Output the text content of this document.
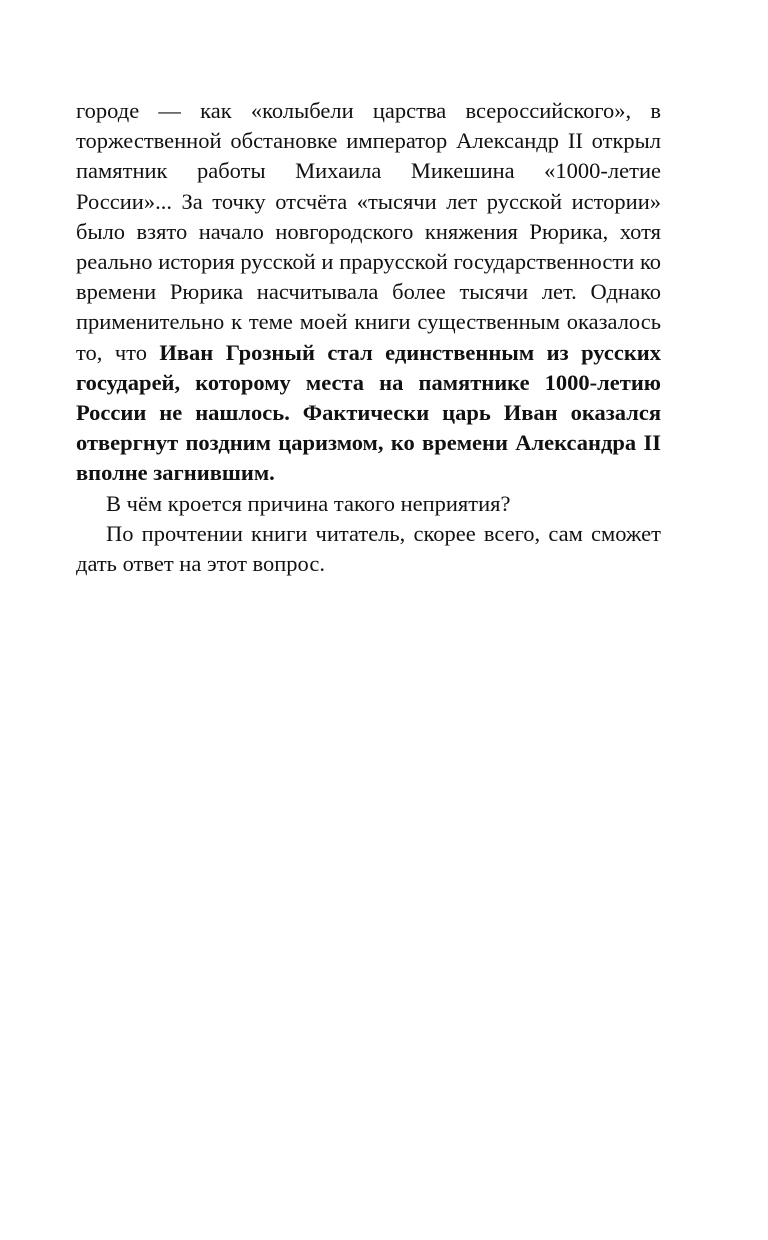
городе — как «колыбели царства всероссийского», в торжественной обстановке император Александр II открыл памятник работы Михаила Микешина «1000-летие России»... За точку отсчёта «тысячи лет русской истории» было взято начало новгородского княжения Рюрика, хотя реально история русской и прарусской государственности ко времени Рюрика насчитывала более тысячи лет. Однако применительно к теме моей книги существенным оказалось то, что Иван Грозный стал единственным из русских государей, которому места на памятнике 1000-летию России не нашлось. Фактически царь Иван оказался отвергнут поздним царизмом, ко времени Александра II вполне загнившим.

В чём кроется причина такого неприятия?

По прочтении книги читатель, скорее всего, сам сможет дать ответ на этот вопрос.
